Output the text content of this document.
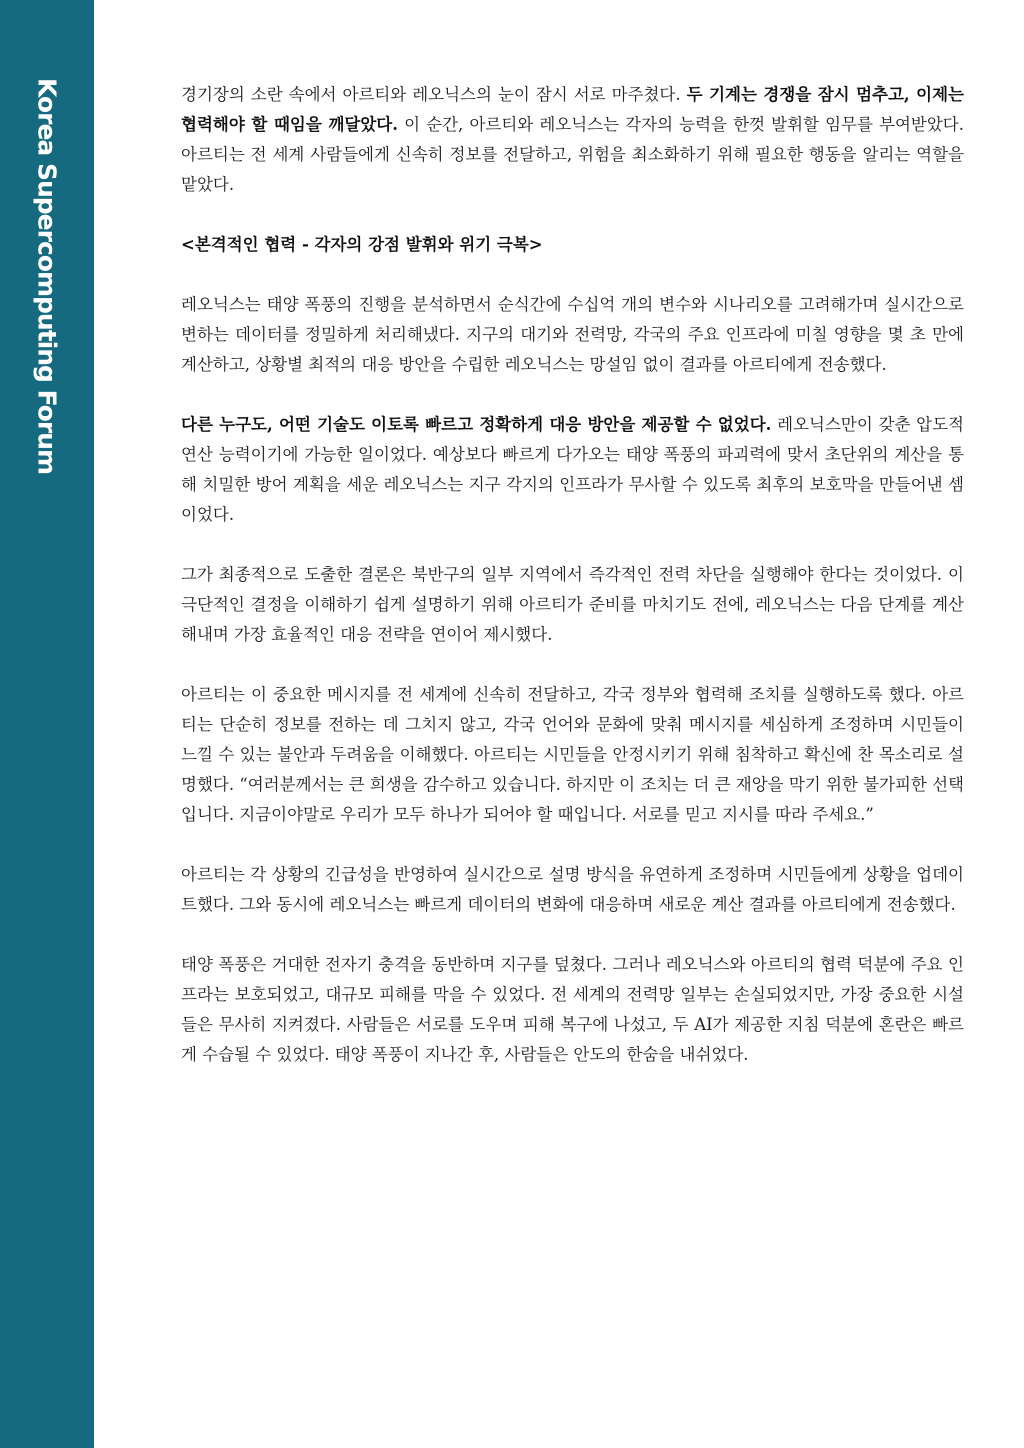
Korea Supercomputing Forum	경기장의 소란 속에서 아르티와 레오닉스의 눈이 잠시 서로 마주쳤다. 두 기계는 경쟁을 잠시 멈추고, 이제는 협력해야 할 때임을 깨달았다. 이 순간, 아르티와 레오닉스는 각자의 능력을 한껏 발휘할 임무를 부여받았다. 아르티는 전 세계 사람들에게 신속히 정보를 전달하고, 위험을 최소화하기 위해 필요한 행동을 알리는 역할을 맡았다.

<본격적인 협력 - 각자의 강점 발휘와 위기 극복>

레오닉스는 태양 폭풍의 진행을 분석하면서 순식간에 수십억 개의 변수와 시나리오를 고려해가며 실시간으로 변하는 데이터를 정밀하게 처리해냈다. 지구의 대기와 전력망, 각국의 주요 인프라에 미칠 영향을 몇 초 만에 계산하고, 상황별 최적의 대응 방안을 수립한 레오닉스는 망설임 없이 결과를 아르티에게 전송했다.

다른 누구도, 어떤 기술도 이토록 빠르고 정확하게 대응 방안을 제공할 수 없었다. 레오닉스만이 갖춘 압도적 연산 능력이기에 가능한 일이었다. 예상보다 빠르게 다가오는 태양 폭풍의 파괴력에 맞서 초단위의 계산을 통해 치밀한 방어 계획을 세운 레오닉스는 지구 각지의 인프라가 무사할 수 있도록 최후의 보호막을 만들어낸 셈이었다.

그가 최종적으로 도출한 결론은 북반구의 일부 지역에서 즉각적인 전력 차단을 실행해야 한다는 것이었다. 이 극단적인 결정을 이해하기 쉽게 설명하기 위해 아르티가 준비를 마치기도 전에, 레오닉스는 다음 단계를 계산해내며 가장 효율적인 대응 전략을 연이어 제시했다.

아르티는 이 중요한 메시지를 전 세계에 신속히 전달하고, 각국 정부와 협력해 조치를 실행하도록 했다. 아르티는 단순히 정보를 전하는 데 그치지 않고, 각국 언어와 문화에 맞춰 메시지를 세심하게 조정하며 시민들이 느낄 수 있는 불안과 두려움을 이해했다. 아르티는 시민들을 안정시키기 위해 침착하고 확신에 찬 목소리로 설명했다. “여러분께서는 큰 희생을 감수하고 있습니다. 하지만 이 조치는 더 큰 재앙을 막기 위한 불가피한 선택입니다. 지금이야말로 우리가 모두 하나가 되어야 할 때입니다. 서로를 믿고 지시를 따라 주세요.”

아르티는 각 상황의 긴급성을 반영하여 실시간으로 설명 방식을 유연하게 조정하며 시민들에게 상황을 업데이트했다. 그와 동시에 레오닉스는 빠르게 데이터의 변화에 대응하며 새로운 계산 결과를 아르티에게 전송했다.

태양 폭풍은 거대한 전자기 충격을 동반하며 지구를 덮쳤다. 그러나 레오닉스와 아르티의 협력 덕분에 주요 인프라는 보호되었고, 대규모 피해를 막을 수 있었다. 전 세계의 전력망 일부는 손실되었지만, 가장 중요한 시설들은 무사히 지켜졌다. 사람들은 서로를 도우며 피해 복구에 나섰고, 두 AI가 제공한 지침 덕분에 혼란은 빠르게 수습될 수 있었다. 태양 폭풍이 지나간 후, 사람들은 안도의 한숨을 내쉬었다.
